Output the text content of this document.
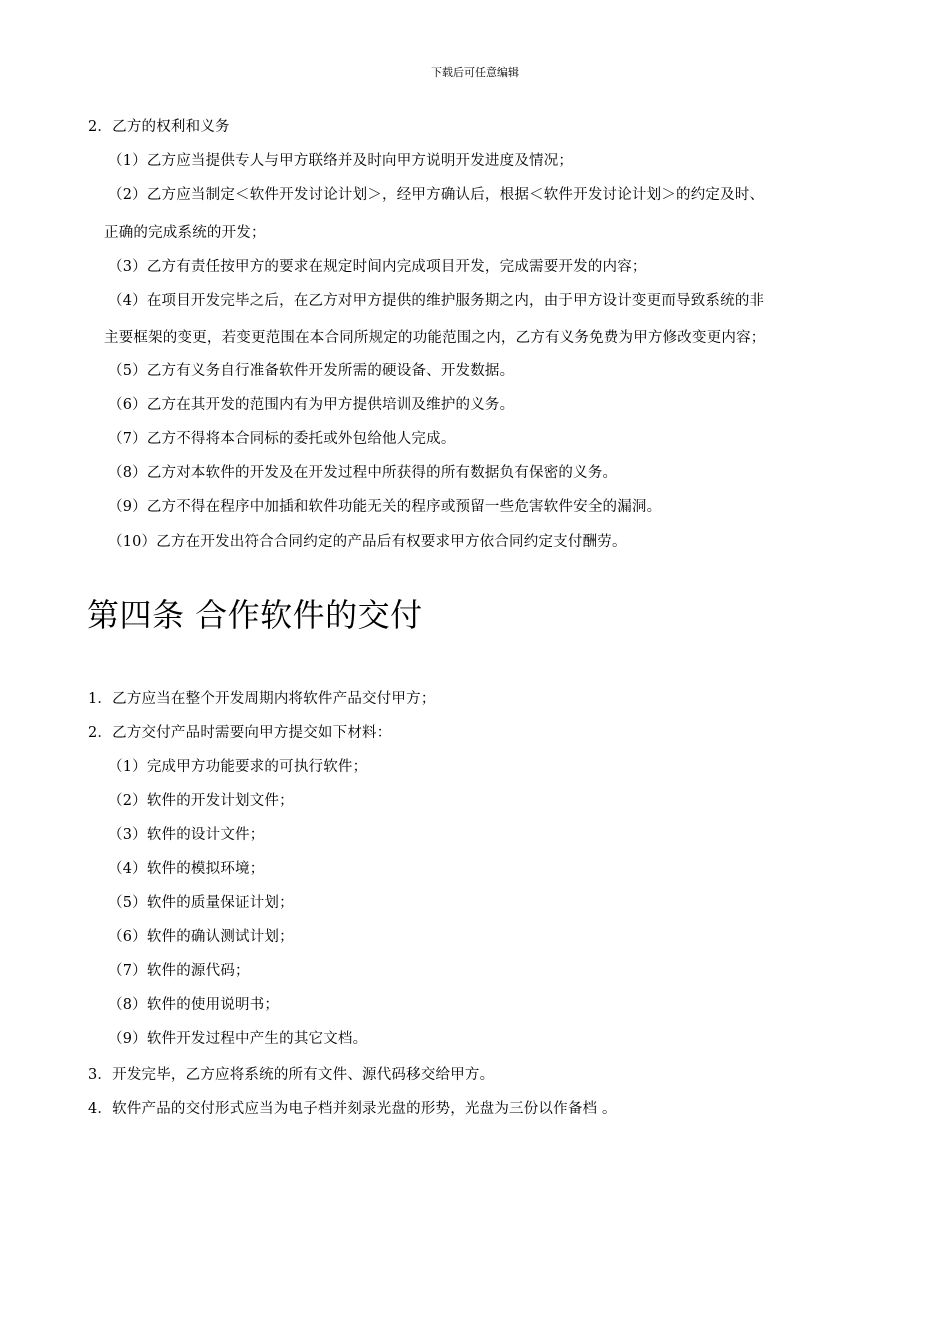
下载后可任意编辑
2．乙方的权利和义务
（1）乙方应当提供专人与甲方联络并及时向甲方说明开发进度及情况；
（2）乙方应当制定＜软件开发讨论计划＞，经甲方确认后，根据＜软件开发讨论计划＞的约定及时、
正确的完成系统的开发；
（3）乙方有责任按甲方的要求在规定时间内完成项目开发，完成需要开发的内容；
（4）在项目开发完毕之后，在乙方对甲方提供的维护服务期之内，由于甲方设计变更而导致系统的非
主要框架的变更，若变更范围在本合同所规定的功能范围之内，乙方有义务免费为甲方修改变更内容；
（5）乙方有义务自行准备软件开发所需的硬设备、开发数据。
（6）乙方在其开发的范围内有为甲方提供培训及维护的义务。
（7）乙方不得将本合同标的委托或外包给他人完成。
（8）乙方对本软件的开发及在开发过程中所获得的所有数据负有保密的义务。
（9）乙方不得在程序中加插和软件功能无关的程序或预留一些危害软件安全的漏洞。
（10）乙方在开发出符合合同约定的产品后有权要求甲方依合同约定支付酬劳。
第四条 合作软件的交付
1．乙方应当在整个开发周期内将软件产品交付甲方；
2．乙方交付产品时需要向甲方提交如下材料：
（1）完成甲方功能要求的可执行软件；
（2）软件的开发计划文件；
（3）软件的设计文件；
（4）软件的模拟环境；
（5）软件的质量保证计划；
（6）软件的确认测试计划；
（7）软件的源代码；
（8）软件的使用说明书；
（9）软件开发过程中产生的其它文档。
3．开发完毕，乙方应将系统的所有文件、源代码移交给甲方。
4．软件产品的交付形式应当为电子档并刻录光盘的形势，光盘为三份以作备档 。
